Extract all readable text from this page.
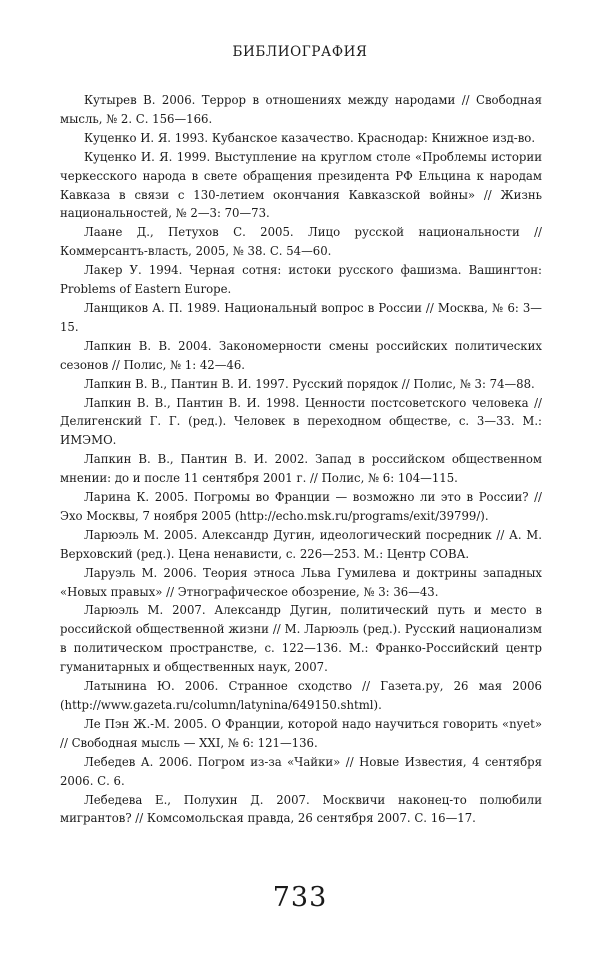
БИБЛИОГРАФИЯ
Кутырев В. 2006. Террор в отношениях между народами // Свободная мысль, № 2. С. 156—166.
Куценко И. Я. 1993. Кубанское казачество. Краснодар: Книжное изд-во.
Куценко И. Я. 1999. Выступление на круглом столе «Проблемы истории черкесского народа в свете обращения президента РФ Ельцина к народам Кавказа в связи с 130-летием окончания Кавказской войны» // Жизнь национальностей, № 2—3: 70—73.
Лаане Д., Петухов С. 2005. Лицо русской национальности // Коммерсантъ-власть, 2005, № 38. С. 54—60.
Лакер У. 1994. Черная сотня: истоки русского фашизма. Вашингтон: Problems of Eastern Europe.
Ланщиков А. П. 1989. Национальный вопрос в России // Москва, № 6: 3—15.
Лапкин В. В. 2004. Закономерности смены российских политических сезонов // Полис, № 1: 42—46.
Лапкин В. В., Пантин В. И. 1997. Русский порядок // Полис, № 3: 74—88.
Лапкин В. В., Пантин В. И. 1998. Ценности постсоветского человека // Делигенский Г. Г. (ред.). Человек в переходном обществе, с. 3—33. М.: ИМЭМО.
Лапкин В. В., Пантин В. И. 2002. Запад в российском общественном мнении: до и после 11 сентября 2001 г. // Полис, № 6: 104—115.
Ларина К. 2005. Погромы во Франции — возможно ли это в России? // Эхо Москвы, 7 ноября 2005 (http://echo.msk.ru/programs/exit/39799/).
Ларюэль М. 2005. Александр Дугин, идеологический посредник // А. М. Верховский (ред.). Цена ненависти, с. 226—253. М.: Центр СОВА.
Ларуэль М. 2006. Теория этноса Льва Гумилева и доктрины западных «Новых правых» // Этнографическое обозрение, № 3: 36—43.
Ларюэль М. 2007. Александр Дугин, политический путь и место в российской общественной жизни // М. Ларюэль (ред.). Русский национализм в политическом пространстве, с. 122—136. М.: Франко-Российский центр гуманитарных и общественных наук, 2007.
Латынина Ю. 2006. Странное сходство // Газета.ру, 26 мая 2006 (http://www.gazeta.ru/column/latynina/649150.shtml).
Ле Пэн Ж.-М. 2005. О Франции, которой надо научиться говорить «nyet» // Свободная мысль — XXI, № 6: 121—136.
Лебедев А. 2006. Погром из-за «Чайки» // Новые Известия, 4 сентября 2006. С. 6.
Лебедева Е., Полухин Д. 2007. Москвичи наконец-то полюбили мигрантов? // Комсомольская правда, 26 сентября 2007. С. 16—17.
733
